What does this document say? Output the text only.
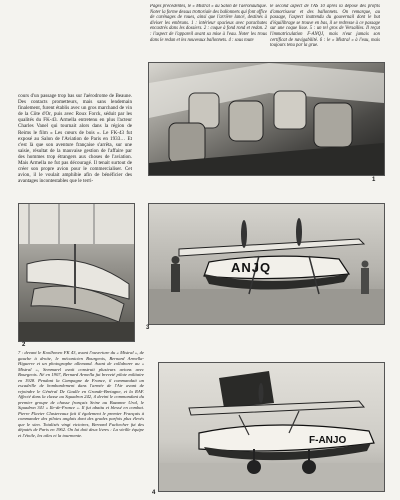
cours d'un passage trop bas sur l'aérodrome de Beaune. Des contacts prometteurs, mais sans lendemain finalement, furent établis avec un gros marchand de vin de la Côte d'Or, puis avec Roux Forck, séduit par les qualités du FK-43. Armella entretenu en plus l'acteur Charles Vanel qui tournait alors dans la région de Reims le film « Les cœurs de bois ». Le FK-43 fut exposé au Salon de l'Aviation de Paris en 1933… Et c'est là que son aventure française s'arrêta, sur une saisie, résultat de la mauvaise gestion de l'affaire par des hommes trop étrangers aux choses de l'aviation. Mais Armella ne fut pas découragé. Il tenait surtout de créer son propre avion pour le commercialiser. Cet avion, il le voulait amphibie afin de bénéficier des avantages incontestables que le terri-
Pages précédentes, le « Mistral » au Salon de l'aéronautique. Noter la forme dessus trottoriale des ballonnets qui font office de carénages de roues, ainsi que l'arrière lancé, destinés à diviser les embruns. 1 : intérieur spacieux avec parachutes encastrés dans les dossiers. 2 : coque à fond rond et redan. 2 : l'aspect de l'appareil avant sa mise à l'eau. Noter les trous dans le redan et les nouveaux ballonnets. 4 : sous toute
le second aspect de l'AS 10 après la dépose des profils d'amortisseur et des ballonnets. On remarque, au passage, l'aspect inattendu du gouvernail dont le but d'équilibrage se trouve en bas, il se redresse à ce passage sur une coque lisse. 5 : un tel gros de Versailles. Il reçut l'immatriculation F-ANQJ, mais n'eut jamais son certificat de navigabilité. 6 : le « Mistral » à l'eau, mais toujours tenu par la grue.
1
2
ANJQ
3
7 : devant le Koolhoven FK 43, avant l'ouverture du « Mistral », de gauche à droite, le mécanicien Bourgeois, Bernard Armella-Higuerre et un photographe allemand. Avant de collaborer au « Mistral », Semmarel avait construit plusieurs avions avec Bourgeois. Né en 1907, Bernard Armella fut breveté pilote militaire en 1928. Pendant la Campagne de France, il commandait un escadrille de bombardement dans l'armée de l'Air avant de rejoindre le Général De Gaulle en Grande-Bretagne, et la RAF. Affecté dans la classe au Squadron 242, il devint le commandant du premier groupe de chasse français Seine au Buzanne Ural, le Squadron 341 « Ile-de-France ». Il fut abattu et blessé en combat. Pierre Flavier Clastereaux fait il également le premier Français à commander des pilotes anglais dont des grades parfois plus élevés que le sien. Totalisés vingt victoires, Bernard Fuchecher fut des députés de Paris en 1962. On lui doit deux livres : La vieille équipe et l'étoile, les ailes et la tourmente.	F-ANJO
4
